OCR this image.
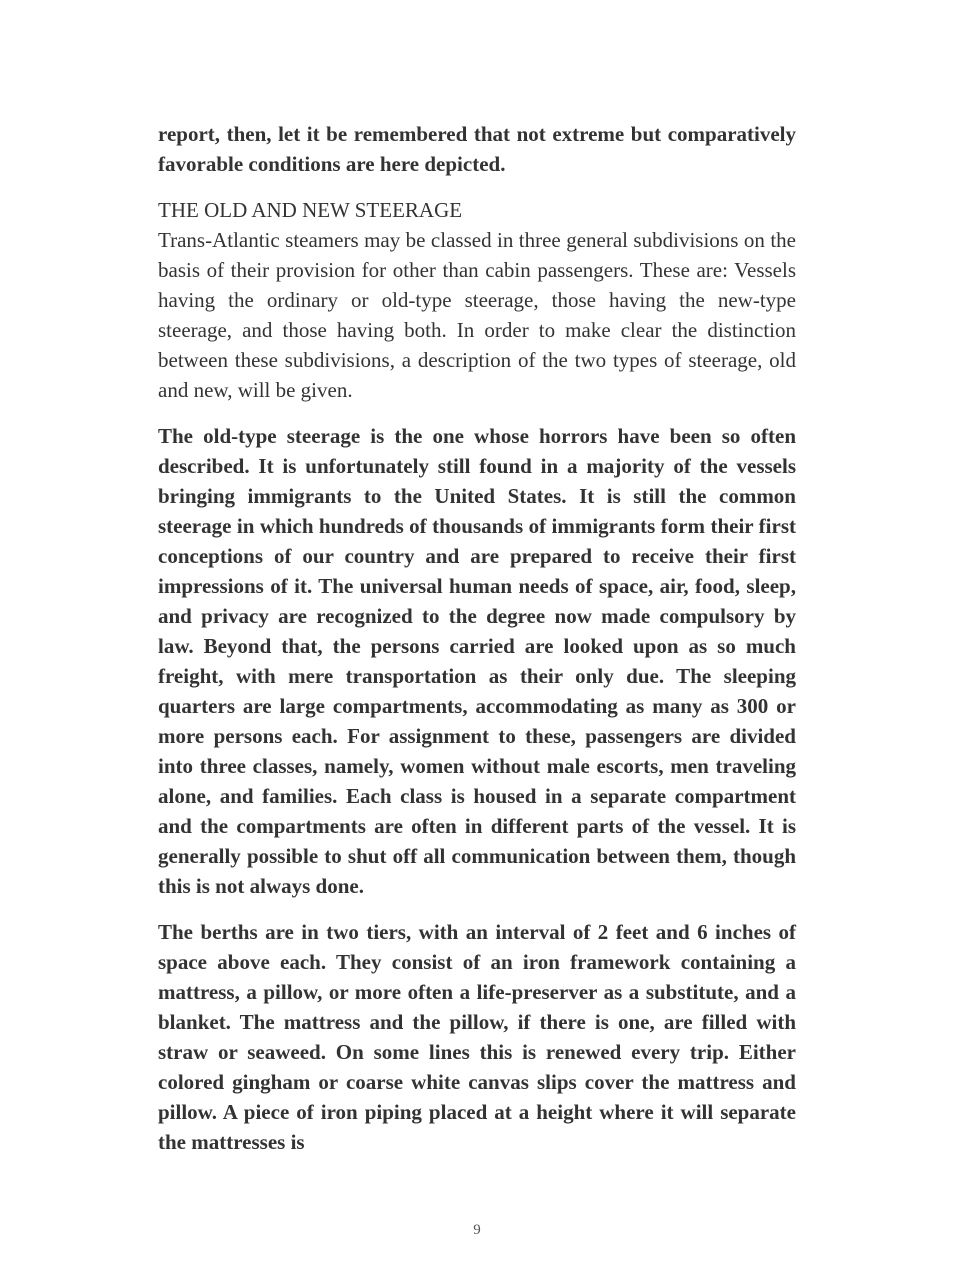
report, then, let it be remembered that not extreme but comparatively favorable conditions are here depicted.

THE OLD AND NEW STEERAGE

Trans-Atlantic steamers may be classed in three general subdivisions on the basis of their provision for other than cabin passengers. These are: Vessels having the ordinary or old-type steerage, those having the new-type steerage, and those having both. In order to make clear the distinction between these subdivisions, a description of the two types of steerage, old and new, will be given.

The old-type steerage is the one whose horrors have been so often described. It is unfortunately still found in a majority of the vessels bringing immigrants to the United States. It is still the common steerage in which hundreds of thousands of immigrants form their first conceptions of our country and are prepared to receive their first impressions of it. The universal human needs of space, air, food, sleep, and privacy are recognized to the degree now made compulsory by law. Beyond that, the persons carried are looked upon as so much freight, with mere transportation as their only due. The sleeping quarters are large compartments, accommodating as many as 300 or more persons each. For assignment to these, passengers are divided into three classes, namely, women without male escorts, men traveling alone, and families. Each class is housed in a separate compartment and the compartments are often in different parts of the vessel. It is generally possible to shut off all communication between them, though this is not always done.

The berths are in two tiers, with an interval of 2 feet and 6 inches of space above each. They consist of an iron framework containing a mattress, a pillow, or more often a life-preserver as a substitute, and a blanket. The mattress and the pillow, if there is one, are filled with straw or seaweed. On some lines this is renewed every trip. Either colored gingham or coarse white canvas slips cover the mattress and pillow. A piece of iron piping placed at a height where it will separate the mattresses is

9
